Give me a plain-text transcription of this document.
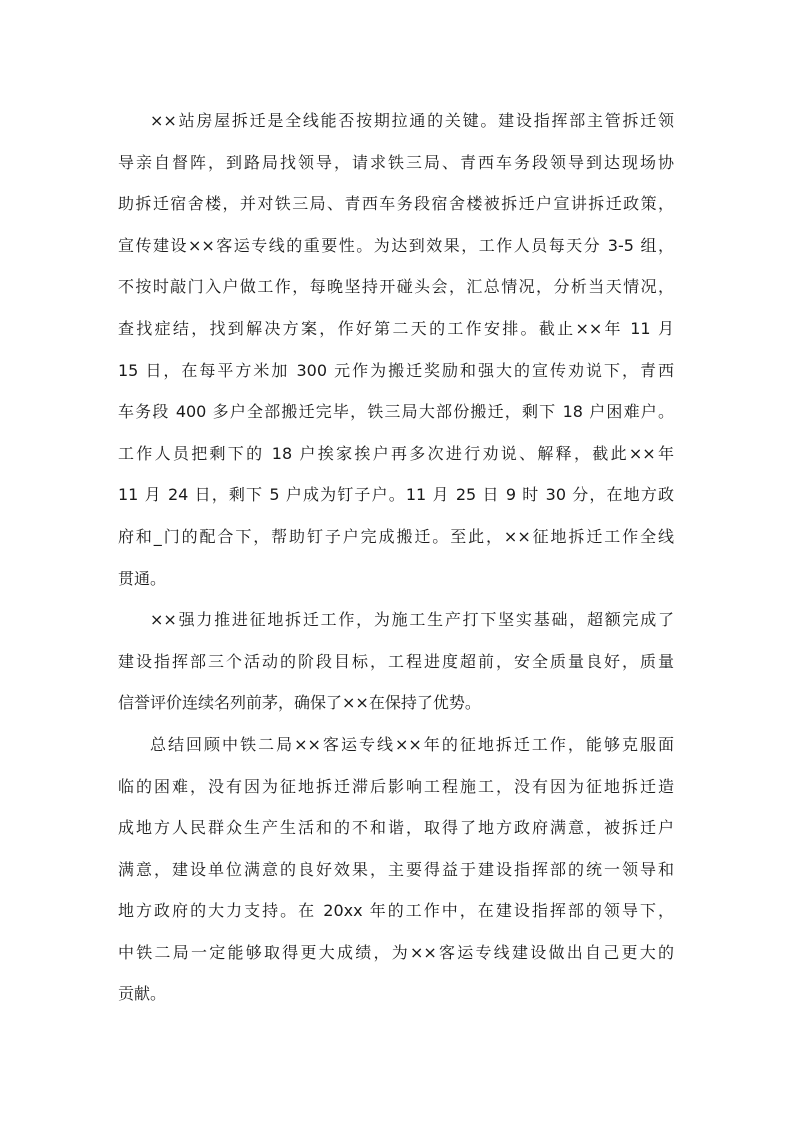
××站房屋拆迁是全线能否按期拉通的关键。建设指挥部主管拆迁领
导亲自督阵，到路局找领导，请求铁三局、青西车务段领导到达现场协
助拆迁宿舍楼，并对铁三局、青西车务段宿舍楼被拆迁户宣讲拆迁政策，
宣传建设××客运专线的重要性。为达到效果，工作人员每天分 3-5 组，
不按时敲门入户做工作，每晚坚持开碰头会，汇总情况，分析当天情况，
查找症结，找到解决方案，作好第二天的工作安排。截止××年 11 月
15 日，在每平方米加 300 元作为搬迁奖励和强大的宣传劝说下，青西
车务段 400 多户全部搬迁完毕，铁三局大部份搬迁，剩下 18 户困难户。
工作人员把剩下的 18 户挨家挨户再多次进行劝说、解释，截此××年
11 月 24 日，剩下 5 户成为钉子户。11 月 25 日 9 时 30 分，在地方政
府和_门的配合下，帮助钉子户完成搬迁。至此，××征地拆迁工作全线
贯通。
××强力推进征地拆迁工作，为施工生产打下坚实基础，超额完成了
建设指挥部三个活动的阶段目标，工程进度超前，安全质量良好，质量
信誉评价连续名列前茅，确保了××在保持了优势。
总结回顾中铁二局××客运专线××年的征地拆迁工作，能够克服面
临的困难，没有因为征地拆迁滞后影响工程施工，没有因为征地拆迁造
成地方人民群众生产生活和的不和谐，取得了地方政府满意，被拆迁户
满意，建设单位满意的良好效果，主要得益于建设指挥部的统一领导和
地方政府的大力支持。在 20xx 年的工作中，在建设指挥部的领导下，
中铁二局一定能够取得更大成绩，为××客运专线建设做出自己更大的
贡献。
